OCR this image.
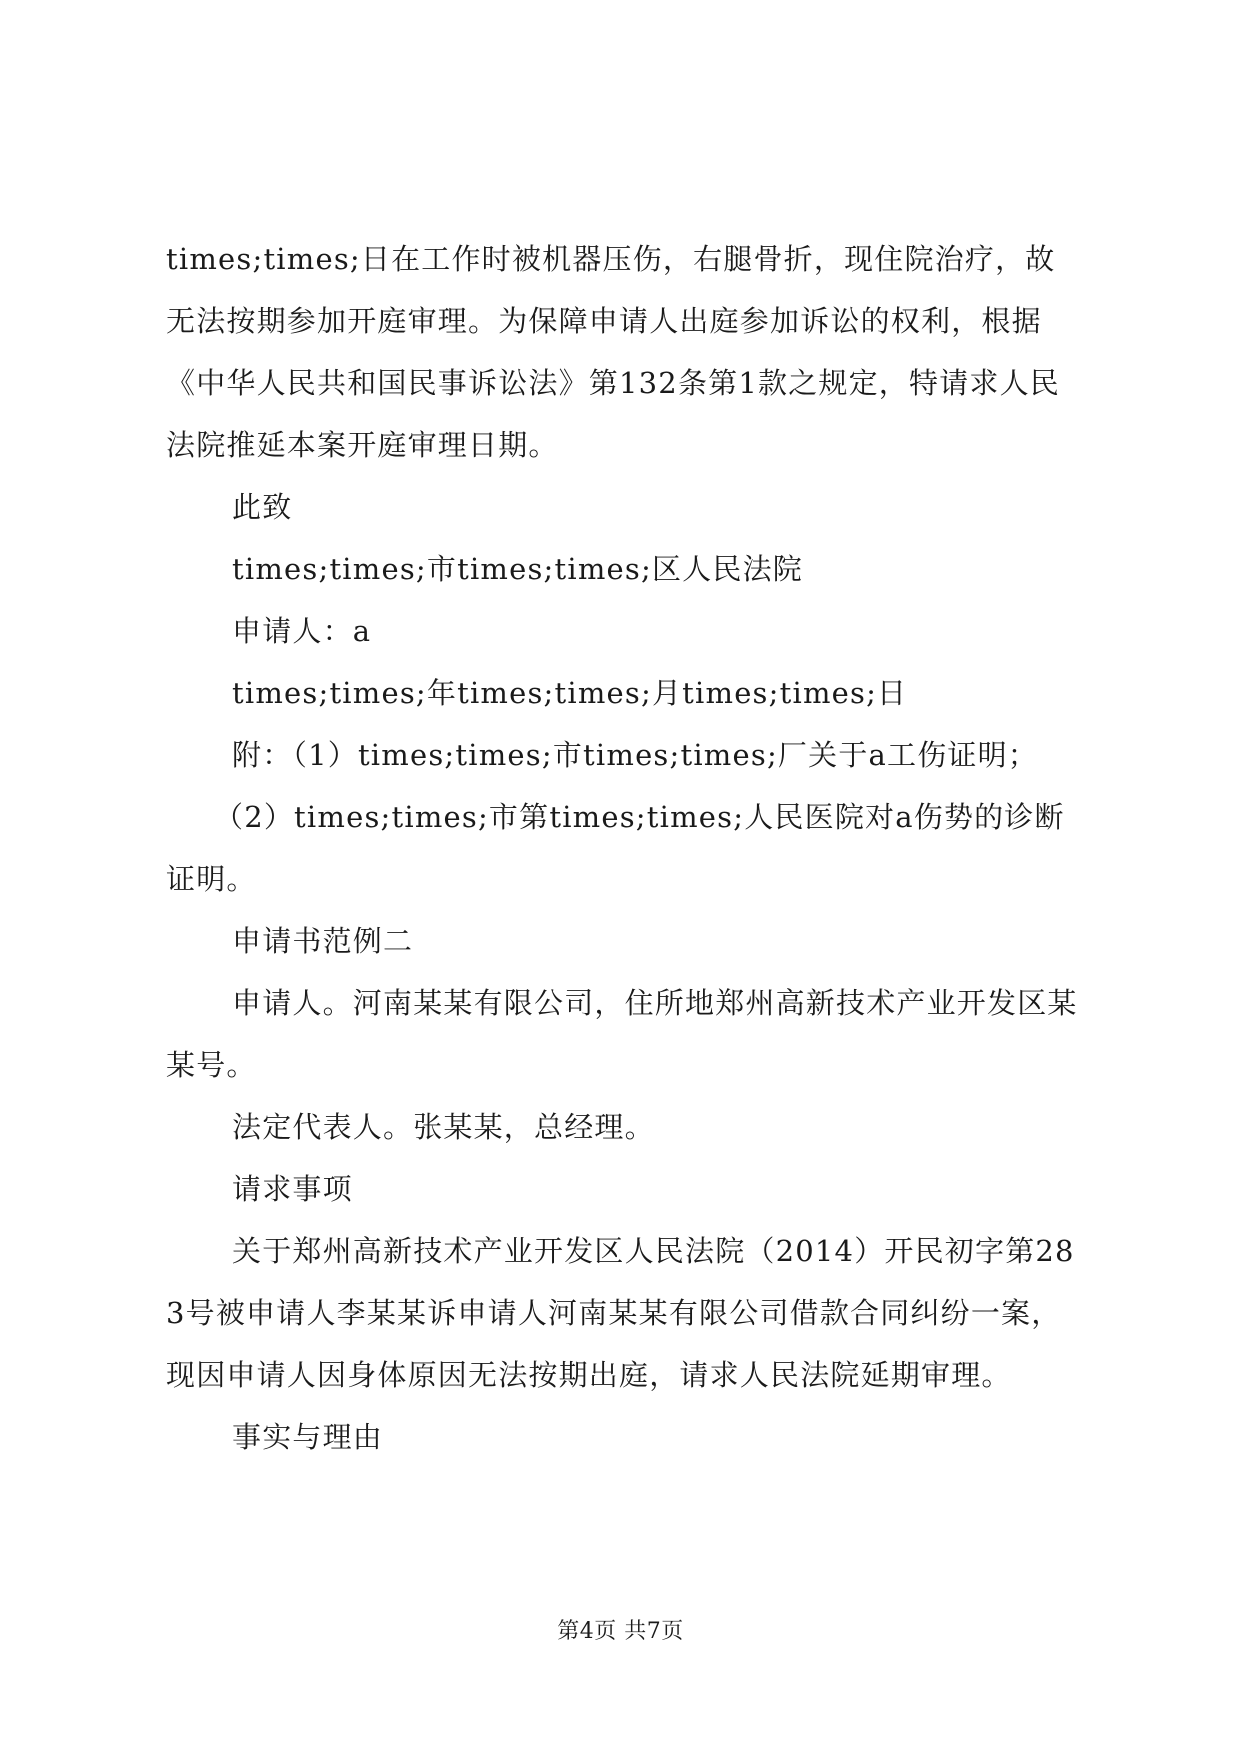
times;times;日在工作时被机器压伤，右腿骨折，现住院治疗，故无法按期参加开庭审理。为保障申请人出庭参加诉讼的权利，根据《中华人民共和国民事诉讼法》第132条第1款之规定，特请求人民法院推延本案开庭审理日期。

此致

times;times;市times;times;区人民法院

申请人：a

times;times;年times;times;月times;times;日

附：（1）times;times;市times;times;厂关于a工伤证明；

（2）times;times;市第times;times;人民医院对a伤势的诊断证明。

申请书范例二

申请人。河南某某有限公司，住所地郑州高新技术产业开发区某某号。

法定代表人。张某某，总经理。

请求事项

关于郑州高新技术产业开发区人民法院（2014）开民初字第283号被申请人李某某诉申请人河南某某有限公司借款合同纠纷一案，现因申请人因身体原因无法按期出庭，请求人民法院延期审理。

事实与理由

第4页 共7页
